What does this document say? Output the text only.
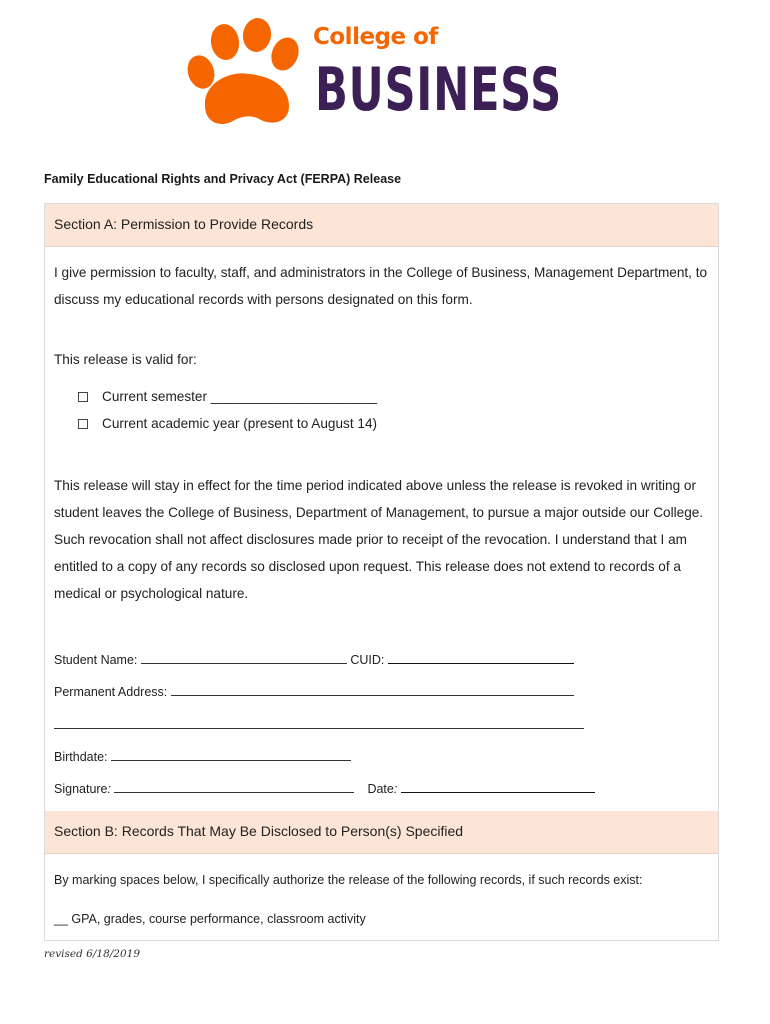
College of
BUSINESS
Family Educational Rights and Privacy Act (FERPA) Release
Section A: Permission to Provide Records

I give permission to faculty, staff, and administrators in the College of Business, Management Department, to discuss my educational records with persons designated on this form.

This release is valid for:

Current semester ______________________
Current academic year (present to August 14)

This release will stay in effect for the time period indicated above unless the release is revoked in writing or student leaves the College of Business, Department of Management, to pursue a major outside our College. Such revocation shall not affect disclosures made prior to receipt of the revocation. I understand that I am entitled to a copy of any records so disclosed upon request. This release does not extend to records of a medical or psychological nature.

Student Name:	CUID:
Permanent Address:
Birthdate:
Signature:	Date:
Section B: Records That May Be Disclosed to Person(s) Specified
By marking spaces below, I specifically authorize the release of the following records, if such records exist:
__ GPA, grades, course performance, classroom activity
revised 6/18/2019
